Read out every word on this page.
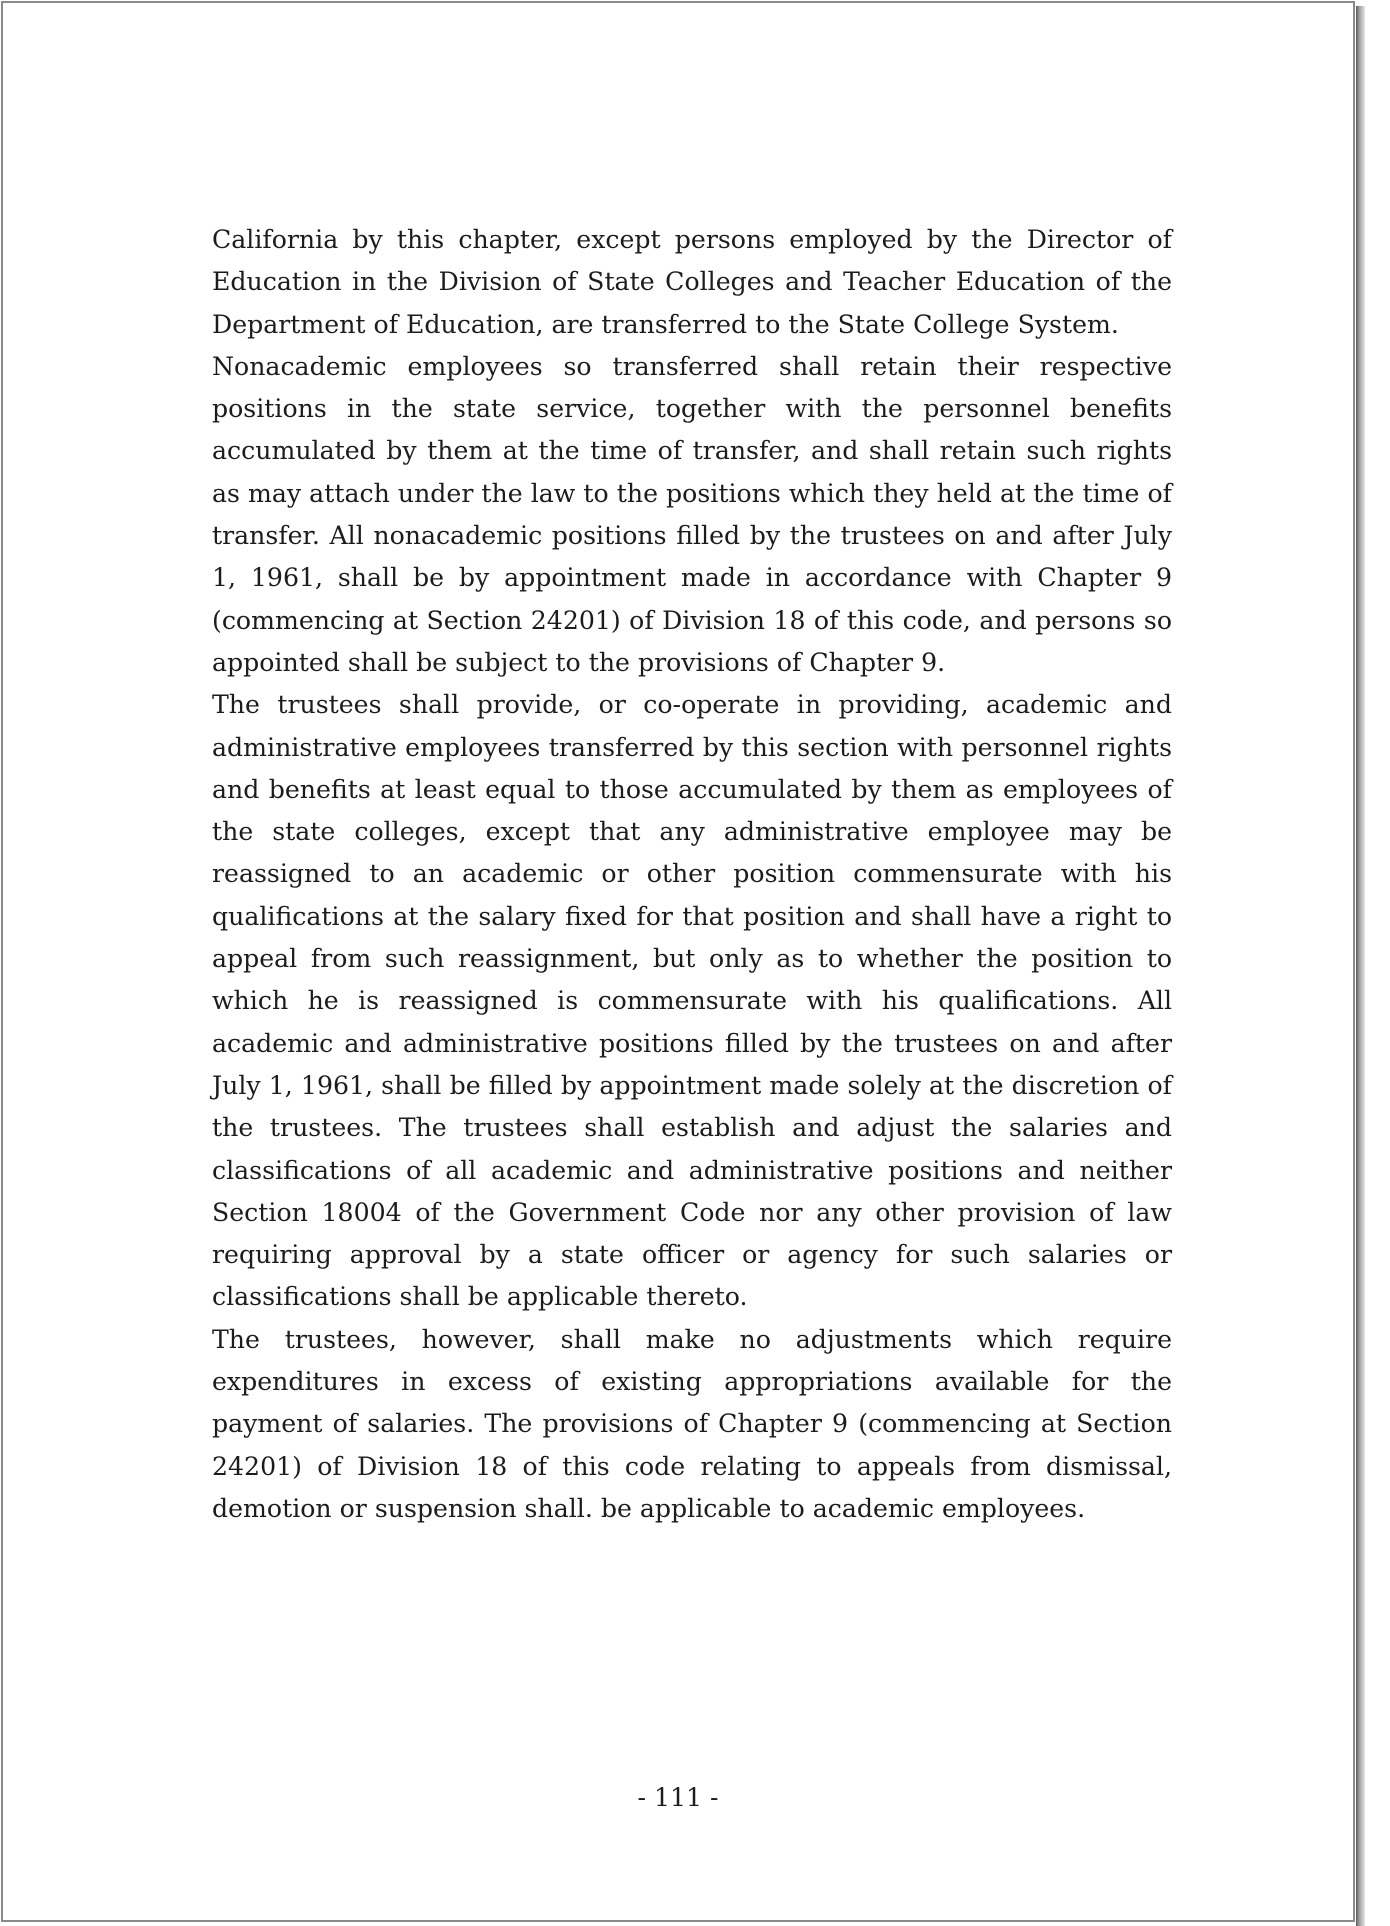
California by this chapter, except persons employed by the Director of Education in the Division of State Colleges and Teacher Education of the Department of Education, are transferred to the State College System.

Nonacademic employees so transferred shall retain their respective positions in the state service, together with the personnel benefits accumulated by them at the time of transfer, and shall retain such rights as may attach under the law to the positions which they held at the time of transfer. All nonacademic positions filled by the trustees on and after July 1, 1961, shall be by appointment made in accordance with Chapter 9 (commencing at Section 24201) of Division 18 of this code, and persons so appointed shall be subject to the provisions of Chapter 9.

The trustees shall provide, or co-operate in providing, academic and administrative employees transferred by this section with personnel rights and benefits at least equal to those accumulated by them as employees of the state colleges, except that any administrative employee may be reassigned to an academic or other position commensurate with his qualifications at the salary fixed for that position and shall have a right to appeal from such reassignment, but only as to whether the position to which he is reassigned is commensurate with his qualifications. All academic and administrative positions filled by the trustees on and after July 1, 1961, shall be filled by appointment made solely at the discretion of the trustees. The trustees shall establish and adjust the salaries and classifications of all academic and administrative positions and neither Section 18004 of the Government Code nor any other provision of law requiring approval by a state officer or agency for such salaries or classifications shall be applicable thereto.

The trustees, however, shall make no adjustments which require expenditures in excess of existing appropriations available for the payment of salaries. The provisions of Chapter 9 (commencing at Section 24201) of Division 18 of this code relating to appeals from dismissal, demotion or suspension shall. be applicable to academic employees.

- 111 -
